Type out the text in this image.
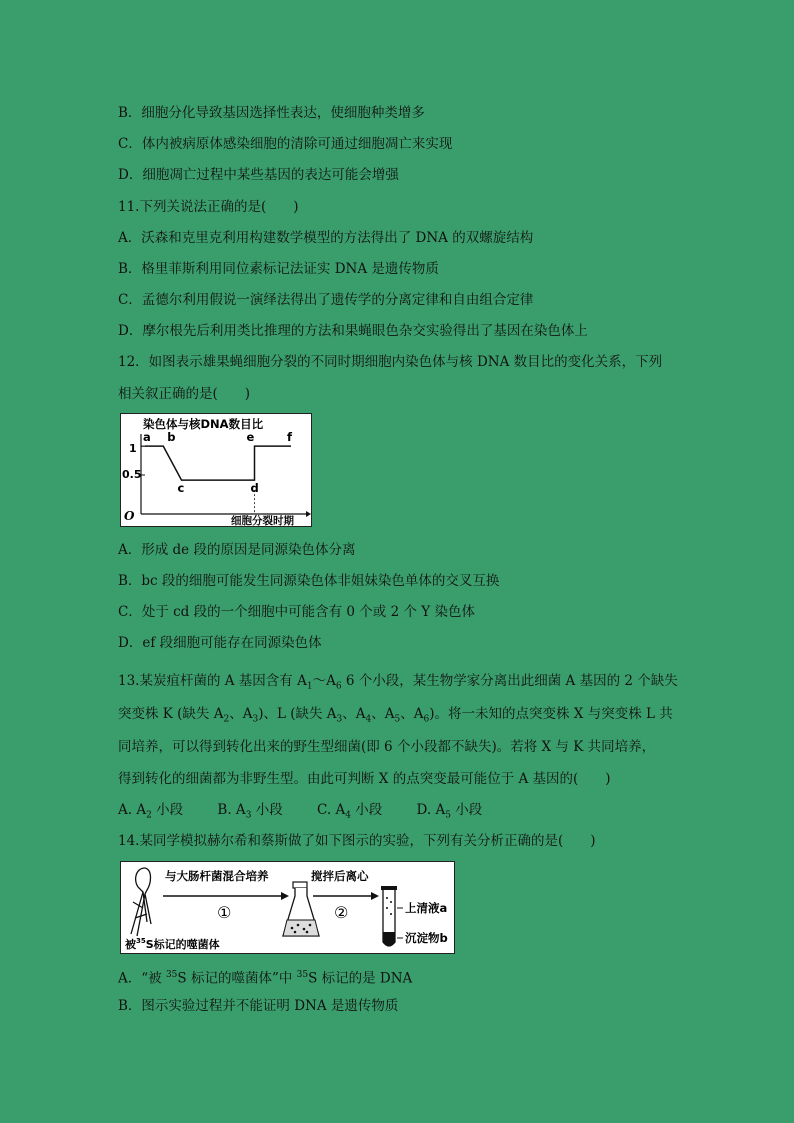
B．细胞分化导致基因选择性表达，使细胞种类增多
C．体内被病原体感染细胞的清除可通过细胞凋亡来实现
D．细胞凋亡过程中某些基因的表达可能会增强
11.下列关说法正确的是(　　)
A．沃森和克里克利用构建数学模型的方法得出了 DNA 的双螺旋结构
B．格里菲斯利用同位素标记法证实 DNA 是遗传物质
C．孟德尔利用假说一演绎法得出了遗传学的分离定律和自由组合定律
D．摩尔根先后利用类比推理的方法和果蝇眼色杂交实验得出了基因在染色体上
12．如图表示雄果蝇细胞分裂的不同时期细胞内染色体与核 DNA 数目比的变化关系，下列
相关叙正确的是(　　)
染色体与核DNA数目比
1
0.5
O	细胞分裂时期
a b
c	d
e	f
A．形成 de 段的原因是同源染色体分离
B．bc 段的细胞可能发生同源染色体非姐妹染色单体的交叉互换
C．处于 cd 段的一个细胞中可能含有 0 个或 2 个 Y 染色体
D．ef 段细胞可能存在同源染色体
13.某炭疽杆菌的 A 基因含有 $A_1\sim A_6$ 6 个小段，某生物学家分离出此细菌 A 基因的 2 个缺失
突变株 K (缺失 $A_2$、$A_3$)、L (缺失 $A_3$、$A_4$、$A_5$、$A_6$)。将一未知的点突变株 X 与突变株 L 共
同培养，可以得到转化出来的野生型细菌(即 6 个小段都不缺失)。若将 X 与 K 共同培养，
得到转化的细菌都为非野生型。由此可判断 X 的点突变最可能位于 A 基因的(　　)
A. $A_2$ 小段	B. $A_3$ 小段	C. $A_4$ 小段	D. $A_5$ 小段
14.某同学模拟赫尔希和蔡斯做了如下图示的实验，下列有关分析正确的是(　　)
被$^{35}$S标记的噬菌体
与大肠杆菌混合培养
①
搅拌后离心
②	上清液a
沉淀物b
A．“被 $^{35}$S 标记的噬菌体”中 $^{35}$S 标记的是 DNA
B．图示实验过程并不能证明 DNA 是遗传物质
